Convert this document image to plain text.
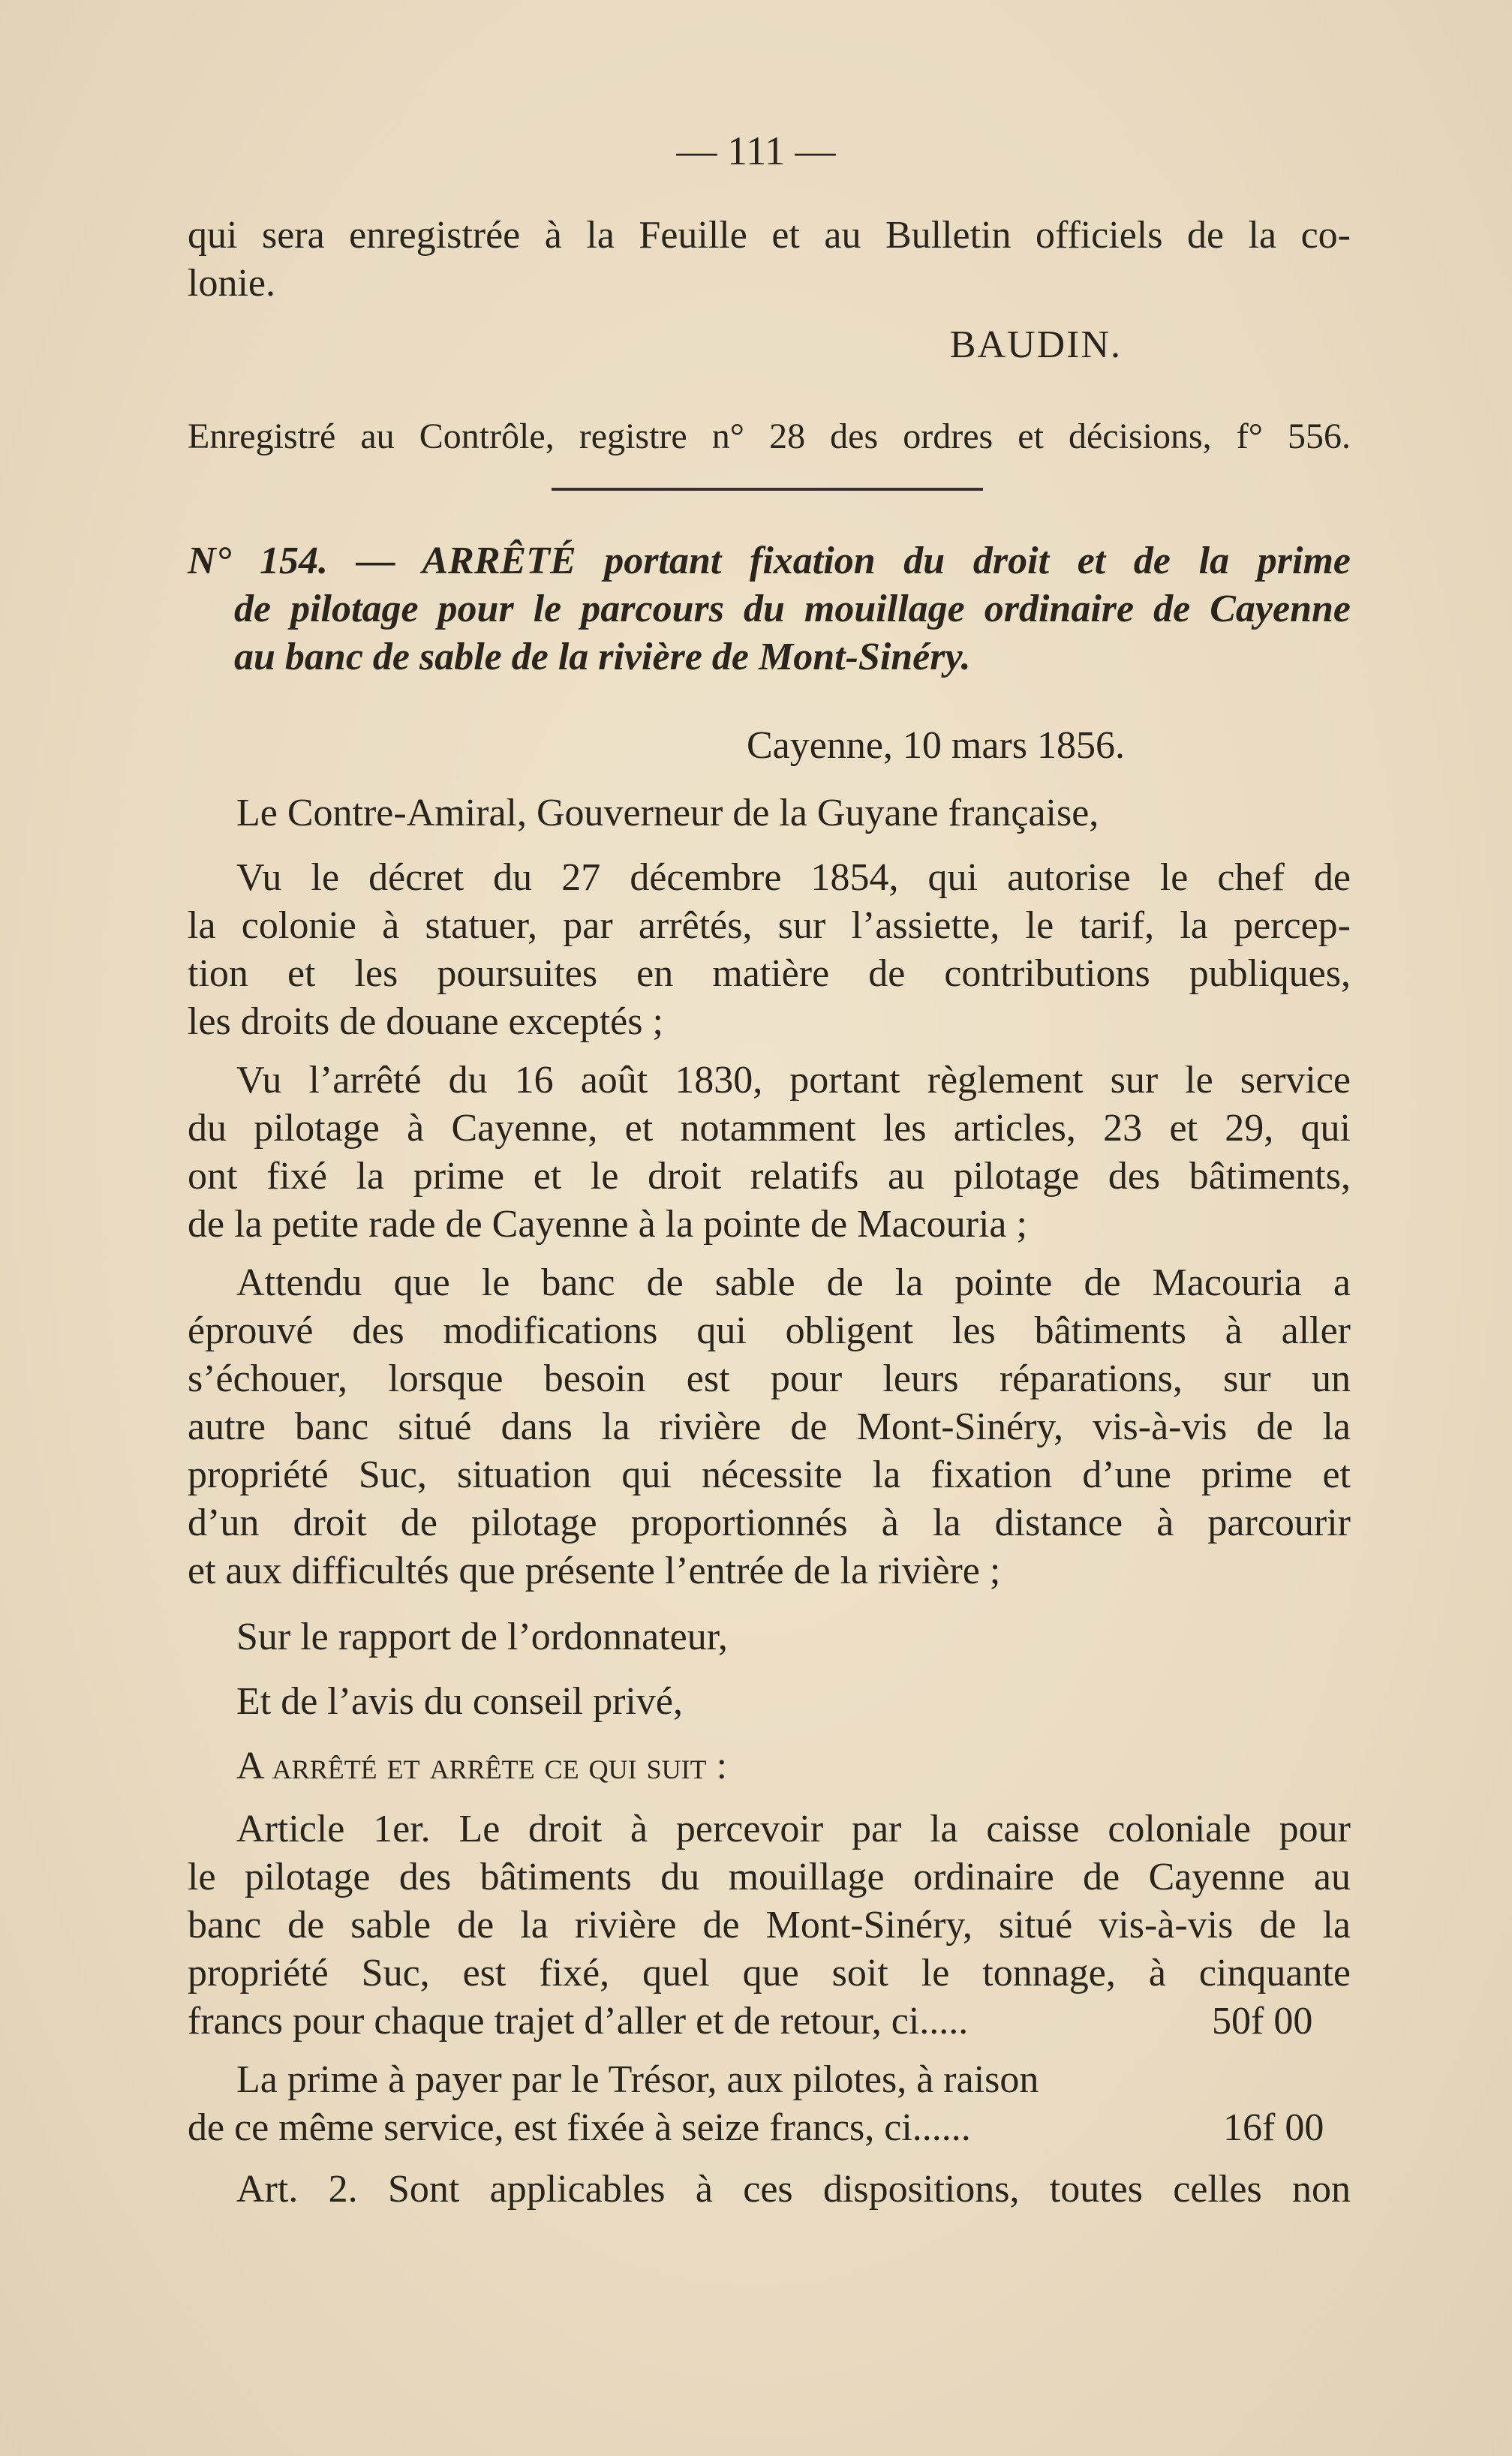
— 111 —
qui sera enregistrée à la Feuille et au Bulletin officiels de la co-
lonie.
BAUDIN.
Enregistré au Contrôle, registre n° 28 des ordres et décisions, f° 556.
N° 154. — ARRÊTÉ portant fixation du droit et de la prime
de pilotage pour le parcours du mouillage ordinaire de Cayenne
au banc de sable de la rivière de Mont-Sinéry.
Cayenne, 10 mars 1856.
Le Contre-Amiral, Gouverneur de la Guyane française,
Vu le décret du 27 décembre 1854, qui autorise le chef de
la colonie à statuer, par arrêtés, sur l’assiette, le tarif, la percep-
tion et les poursuites en matière de contributions publiques,
les droits de douane exceptés ;
Vu l’arrêté du 16 août 1830, portant règlement sur le service
du pilotage à Cayenne, et notamment les articles, 23 et 29, qui
ont fixé la prime et le droit relatifs au pilotage des bâtiments,
de la petite rade de Cayenne à la pointe de Macouria ;
Attendu que le banc de sable de la pointe de Macouria a
éprouvé des modifications qui obligent les bâtiments à aller
s’échouer, lorsque besoin est pour leurs réparations, sur un
autre banc situé dans la rivière de Mont-Sinéry, vis-à-vis de la
propriété Suc, situation qui nécessite la fixation d’une prime et
d’un droit de pilotage proportionnés à la distance à parcourir
et aux difficultés que présente l’entrée de la rivière ;
Sur le rapport de l’ordonnateur,
Et de l’avis du conseil privé,
A arrêté et arrête ce qui suit :
Article 1er. Le droit à percevoir par la caisse coloniale pour
le pilotage des bâtiments du mouillage ordinaire de Cayenne au
banc de sable de la rivière de Mont-Sinéry, situé vis-à-vis de la
propriété Suc, est fixé, quel que soit le tonnage, à cinquante
francs pour chaque trajet d’aller et de retour, ci.....	50f 00
La prime à payer par le Trésor, aux pilotes, à raison
de ce même service, est fixée à seize francs, ci......	16f 00
Art. 2. Sont applicables à ces dispositions, toutes celles non
